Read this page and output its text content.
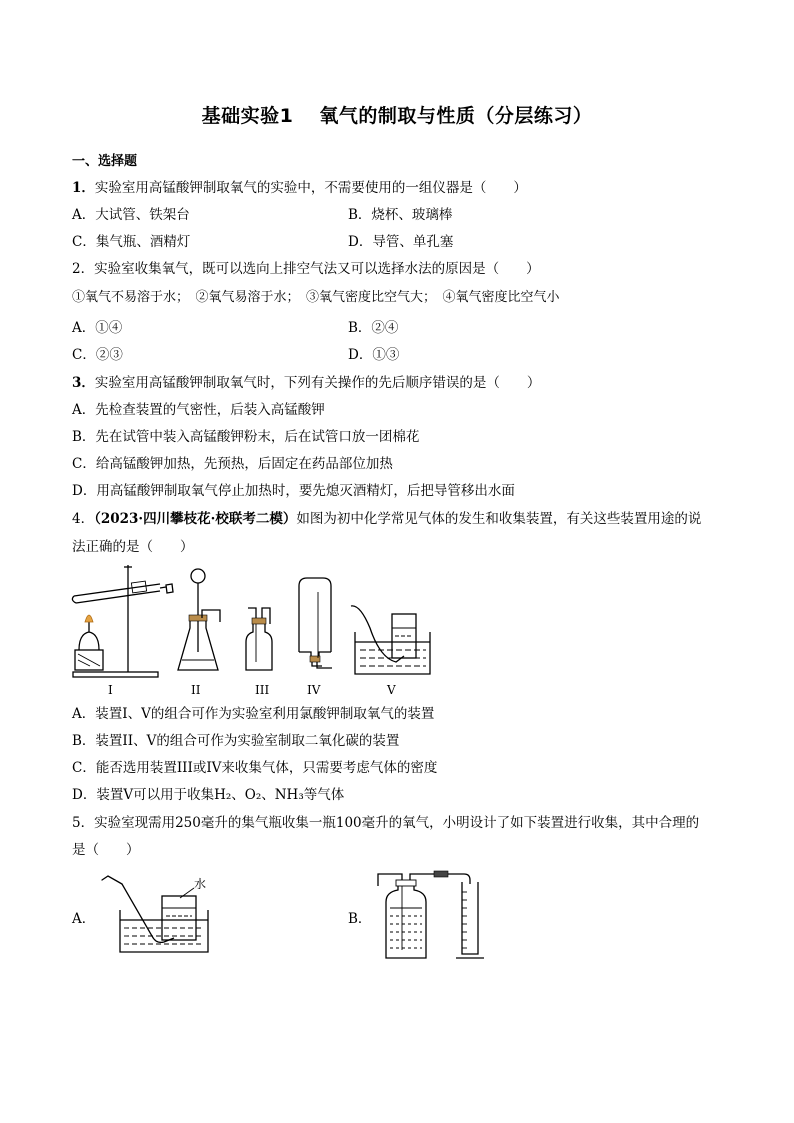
基础实验1 氧气的制取与性质（分层练习）
一、选择题
1．实验室用高锰酸钾制取氧气的实验中，不需要使用的一组仪器是（　　）
A．大试管、铁架台	B．烧杯、玻璃棒
C．集气瓶、酒精灯	D．导管、单孔塞
2．实验室收集氧气，既可以选向上排空气法又可以选择水法的原因是（　　）
①氧气不易溶于水；　②氧气易溶于水；　③氧气密度比空气大；　④氧气密度比空气小
A．①④	B．②④
C．②③	D．①③
3．实验室用高锰酸钾制取氧气时，下列有关操作的先后顺序错误的是（　　）
A．先检查装置的气密性，后装入高锰酸钾
B．先在试管中装入高锰酸钾粉末，后在试管口放一团棉花
C．给高锰酸钾加热，先预热，后固定在药品部位加热
D．用高锰酸钾制取氧气停止加热时，要先熄灭酒精灯，后把导管移出水面
4．（2023·四川攀枝花·校联考二模）如图为初中化学常见气体的发生和收集装置，有关这些装置用途的说
法正确的是（　　）
I	II	III	IV	V
A．装置I、V的组合可作为实验室利用氯酸钾制取氧气的装置
B．装置II、V的组合可作为实验室制取二氧化碳的装置
C．能否选用装置III或IV来收集气体，只需要考虑气体的密度
D．装置V可以用于收集H₂、O₂、NH₃等气体
5．实验室现需用250毫升的集气瓶收集一瓶100毫升的氧气，小明设计了如下装置进行收集，其中合理的
是（　　）
A．
水
B．
